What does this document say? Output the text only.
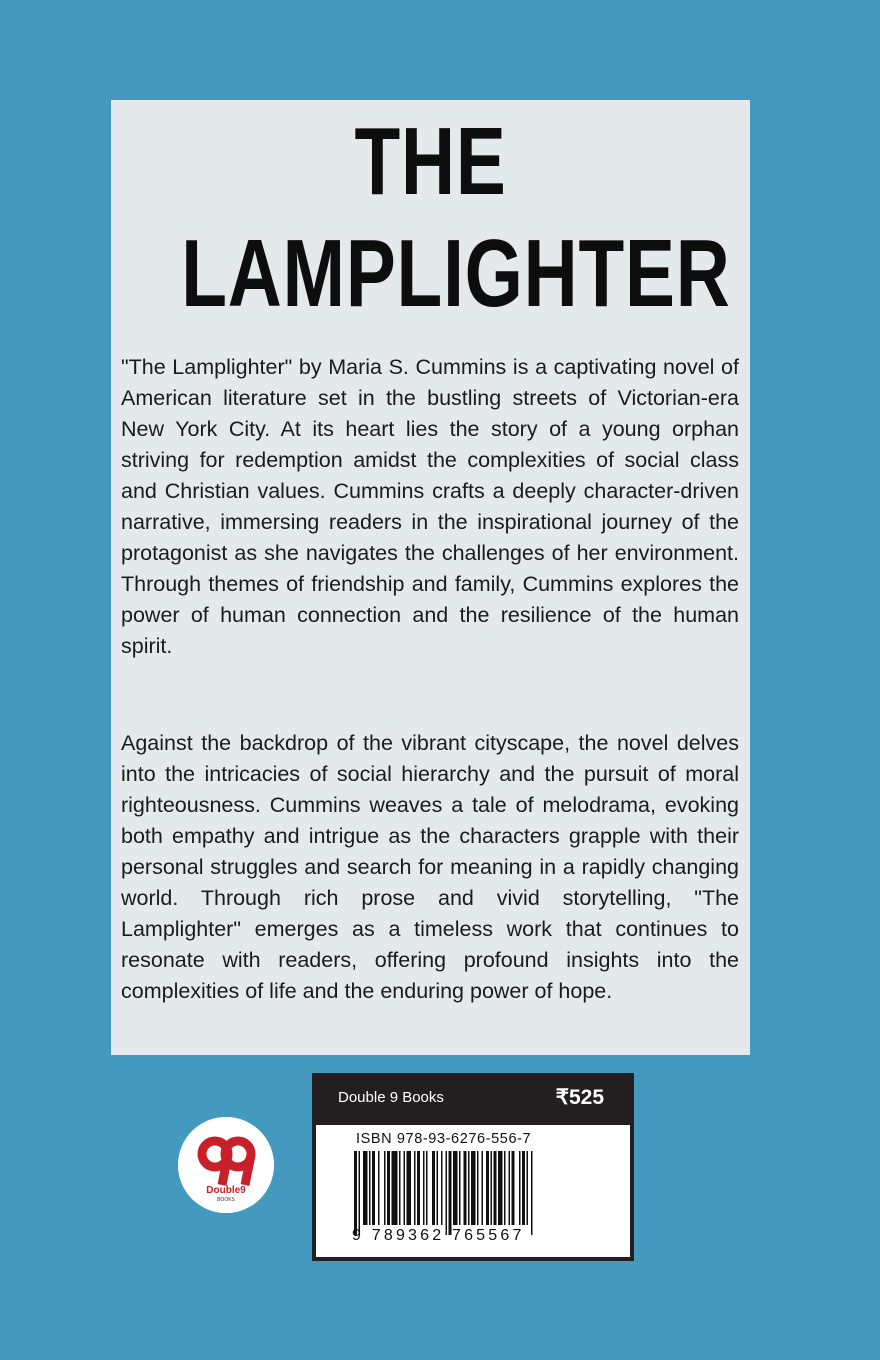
THE
LAMPLIGHTER

"The Lamplighter" by Maria S. Cummins is a captivating novel of American literature set in the bustling streets of Victorian-era New York City. At its heart lies the story of a young orphan striving for redemption amidst the complexities of social class and Christian values. Cummins crafts a deeply character-driven narrative, immersing readers in the inspirational journey of the protagonist as she navigates the challenges of her environment. Through themes of friendship and family, Cummins explores the power of human connection and the resilience of the human spirit.

Against the backdrop of the vibrant cityscape, the novel delves into the intricacies of social hierarchy and the pursuit of moral righteousness. Cummins weaves a tale of melodrama, evoking both empathy and intrigue as the characters grapple with their personal struggles and search for meaning in a rapidly changing world. Through rich prose and vivid storytelling, "The Lamplighter" emerges as a timeless work that continues to resonate with readers, offering profound insights into the complexities of life and the enduring power of hope.

Double9
BOOKS
Double 9 Books	₹525
ISBN 978-93-6276-556-7
9 789362 765567
